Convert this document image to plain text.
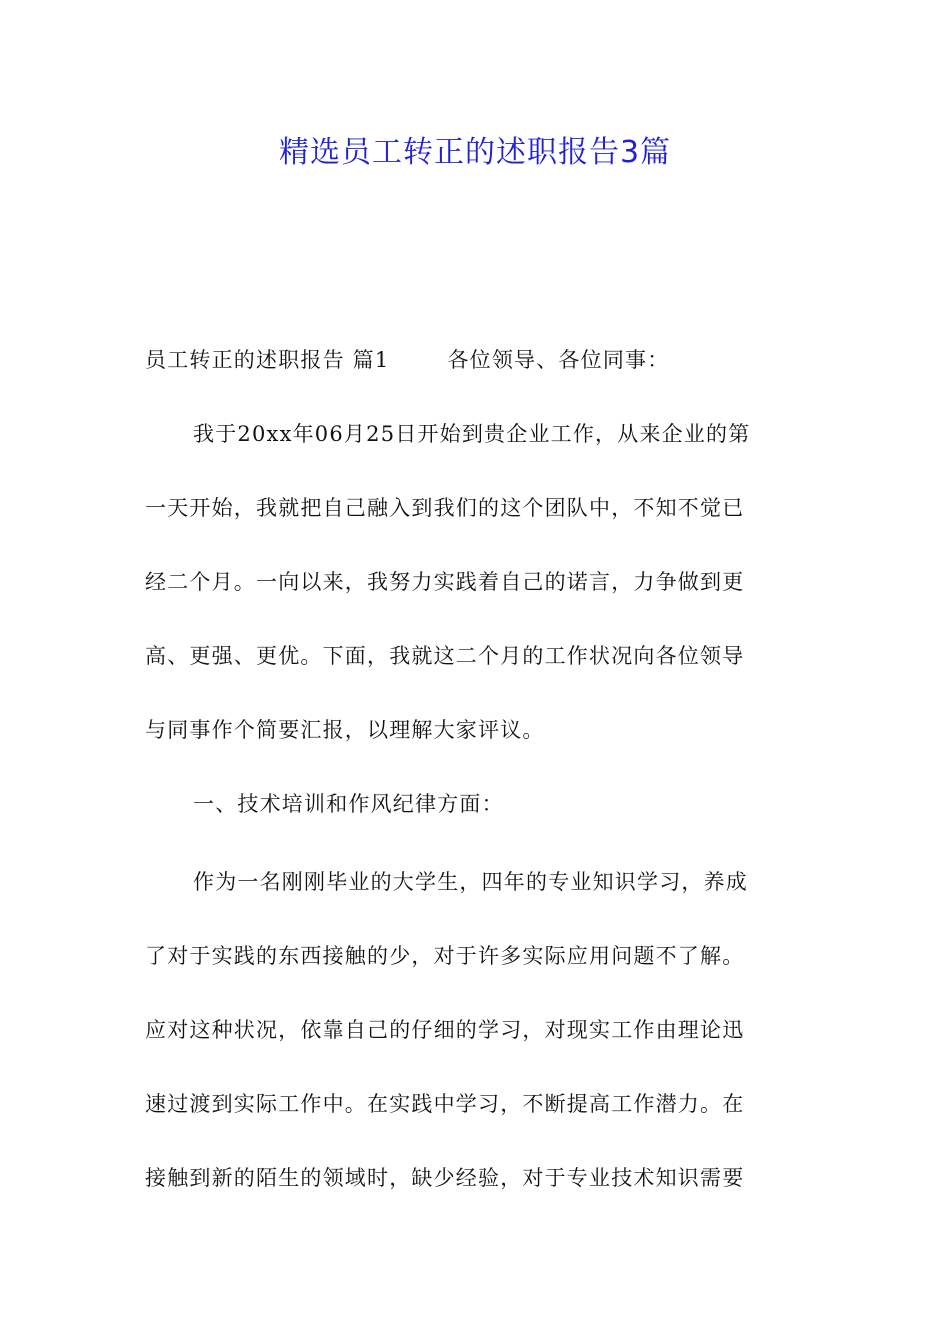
精选员工转正的述职报告3篇

员工转正的述职报告 篇1	各位领导、各位同事：

我于20xx年06月25日开始到贵企业工作，从来企业的第

一天开始，我就把自己融入到我们的这个团队中，不知不觉已

经二个月。一向以来，我努力实践着自己的诺言，力争做到更

高、更强、更优。下面，我就这二个月的工作状况向各位领导

与同事作个简要汇报，以理解大家评议。

一、技术培训和作风纪律方面：

作为一名刚刚毕业的大学生，四年的专业知识学习，养成

了对于实践的东西接触的少，对于许多实际应用问题不了解。

应对这种状况，依靠自己的仔细的学习，对现实工作由理论迅

速过渡到实际工作中。在实践中学习，不断提高工作潜力。在

接触到新的陌生的领域时，缺少经验，对于专业技术知识需要
